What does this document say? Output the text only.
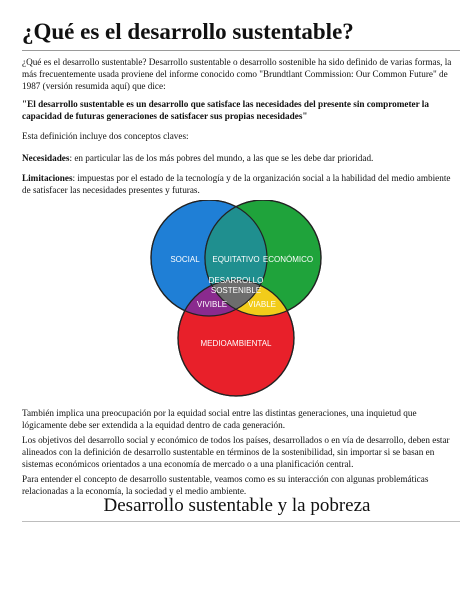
¿Qué es el desarrollo sustentable?

¿Qué es el desarrollo sustentable? Desarrollo sustentable o desarrollo sostenible ha sido definido de varias formas, la más frecuentemente usada proviene del informe conocido como "Brundtlant Commission: Our Common Future" de 1987 (versión resumida aquí) que dice:

"El desarrollo sustentable es un desarrollo que satisface las necesidades del presente sin comprometer la capacidad de futuras generaciones de satisfacer sus propias necesidades"

Esta definición incluye dos conceptos claves:

Necesidades: en particular las de los más pobres del mundo, a las que se les debe dar prioridad.

Limitaciones: impuestas por el estado de la tecnología y de la organización social a la habilidad del medio ambiente de satisfacer las necesidades presentes y futuras.

SOCIAL	ECONÓMICO
MEDIOAMBIENTAL
EQUITATIVO
VIVIBLE	VIABLE
DESARROLLO
SOSTENIBLE

También implica una preocupación por la equidad social entre las distintas generaciones, una inquietud que lógicamente debe ser extendida a la equidad dentro de cada generación.

Los objetivos del desarrollo social y económico de todos los países, desarrollados o en vía de desarrollo, deben estar alineados con la definición de desarrollo sustentable en términos de la sostenibilidad, sin importar si se basan en sistemas económicos orientados a una economía de mercado o a una planificación central.

Para entender el concepto de desarrollo sustentable, veamos como es su interacción con algunas problemáticas relacionadas a la economía, la sociedad y el medio ambiente.

Desarrollo sustentable y la pobreza
